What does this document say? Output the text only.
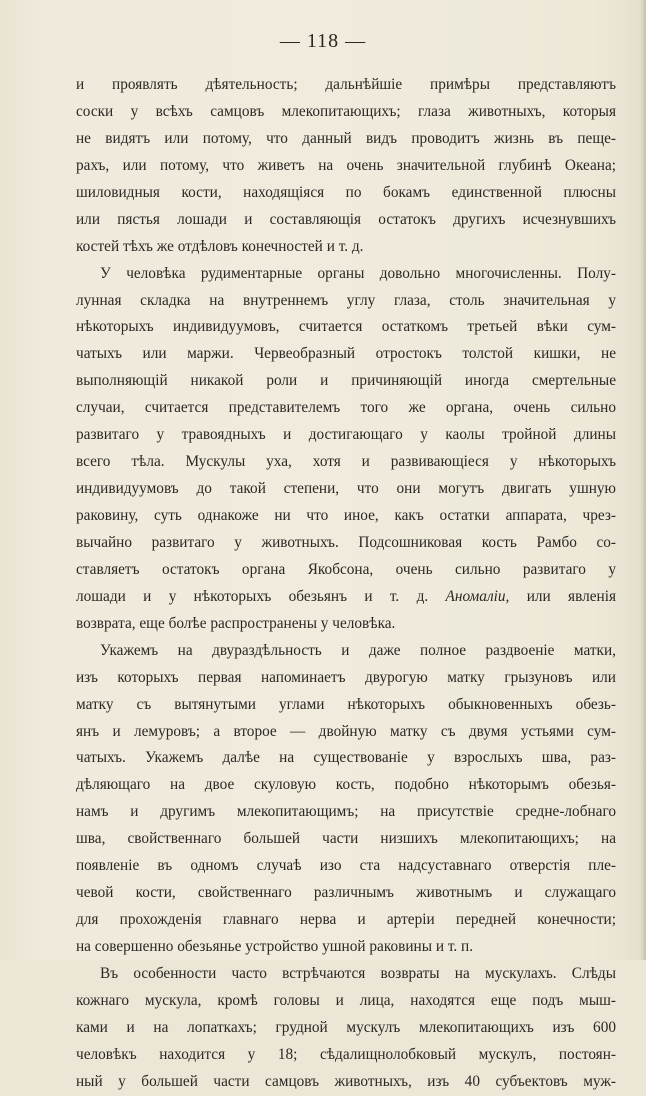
— 118 —
и проявлять дѣятельность; дальнѣйшіе примѣры представляютъ
соски у всѣхъ самцовъ млекопитающихъ; глаза животныхъ, которыя
не видятъ или потому, что данный видъ проводитъ жизнь въ пеще-
рахъ, или потому, что живетъ на очень значительной глубинѣ Океана;
шиловидныя кости, находящіяся по бокамъ единственной плюсны
или пястья лошади и составляющія остатокъ другихъ исчезнувшихъ
костей тѣхъ же отдѣловъ конечностей и т. д.
У человѣка рудиментарные органы довольно многочисленны. Полу-
лунная складка на внутреннемъ углу глаза, столь значительная у
нѣкоторыхъ индивидуумовъ, считается остаткомъ третьей вѣки сум-
чатыхъ или маржи. Червеобразный отростокъ толстой кишки, не
выполняющій никакой роли и причиняющій иногда смертельные
случаи, считается представителемъ того же органа, очень сильно
развитаго у травоядныхъ и достигающаго у каолы тройной длины
всего тѣла. Мускулы уха, хотя и развивающіеся у нѣкоторыхъ
индивидуумовъ до такой степени, что они могутъ двигать ушную
раковину, суть однакоже ни что иное, какъ остатки аппарата, чрез-
вычайно развитаго у животныхъ. Подсошниковая кость Рамбо со-
ставляетъ остатокъ органа Якобсона, очень сильно развитаго у
лошади и у нѣкоторыхъ обезьянъ и т. д. Аномаліи, или явленія
возврата, еще болѣе распространены у человѣка.
Укажемъ на двураздѣльность и даже полное раздвоеніе матки,
изъ которыхъ первая напоминаетъ двурогую матку грызуновъ или
матку съ вытянутыми углами нѣкоторыхъ обыкновенныхъ обезь-
янъ и лемуровъ; а второе — двойную матку съ двумя устьями сум-
чатыхъ. Укажемъ далѣе на существованіе у взрослыхъ шва, раз-
дѣляющаго на двое скуловую кость, подобно нѣкоторымъ обезья-
намъ и другимъ млекопитающимъ; на присутствіе средне-лобнаго
шва, свойственнаго большей части низшихъ млекопитающихъ; на
появленіе въ одномъ случаѣ изо ста надсуставнаго отверстія пле-
чевой кости, свойственнаго различнымъ животнымъ и служащаго
для прохожденія главнаго нерва и артеріи передней конечности;
на совершенно обезьянье устройство ушной раковины и т. п.
Въ особенности часто встрѣчаются возвраты на мускулахъ. Слѣды
кожнаго мускула, кромѣ головы и лица, находятся еще подъ мыш-
ками и на лопаткахъ; грудной мускулъ млекопитающихъ изъ 600
человѣкъ находится у 18; сѣдалищнолобковый мускулъ, постоян-
ный у большей части самцовъ животныхъ, изъ 40 субъектовъ муж-
